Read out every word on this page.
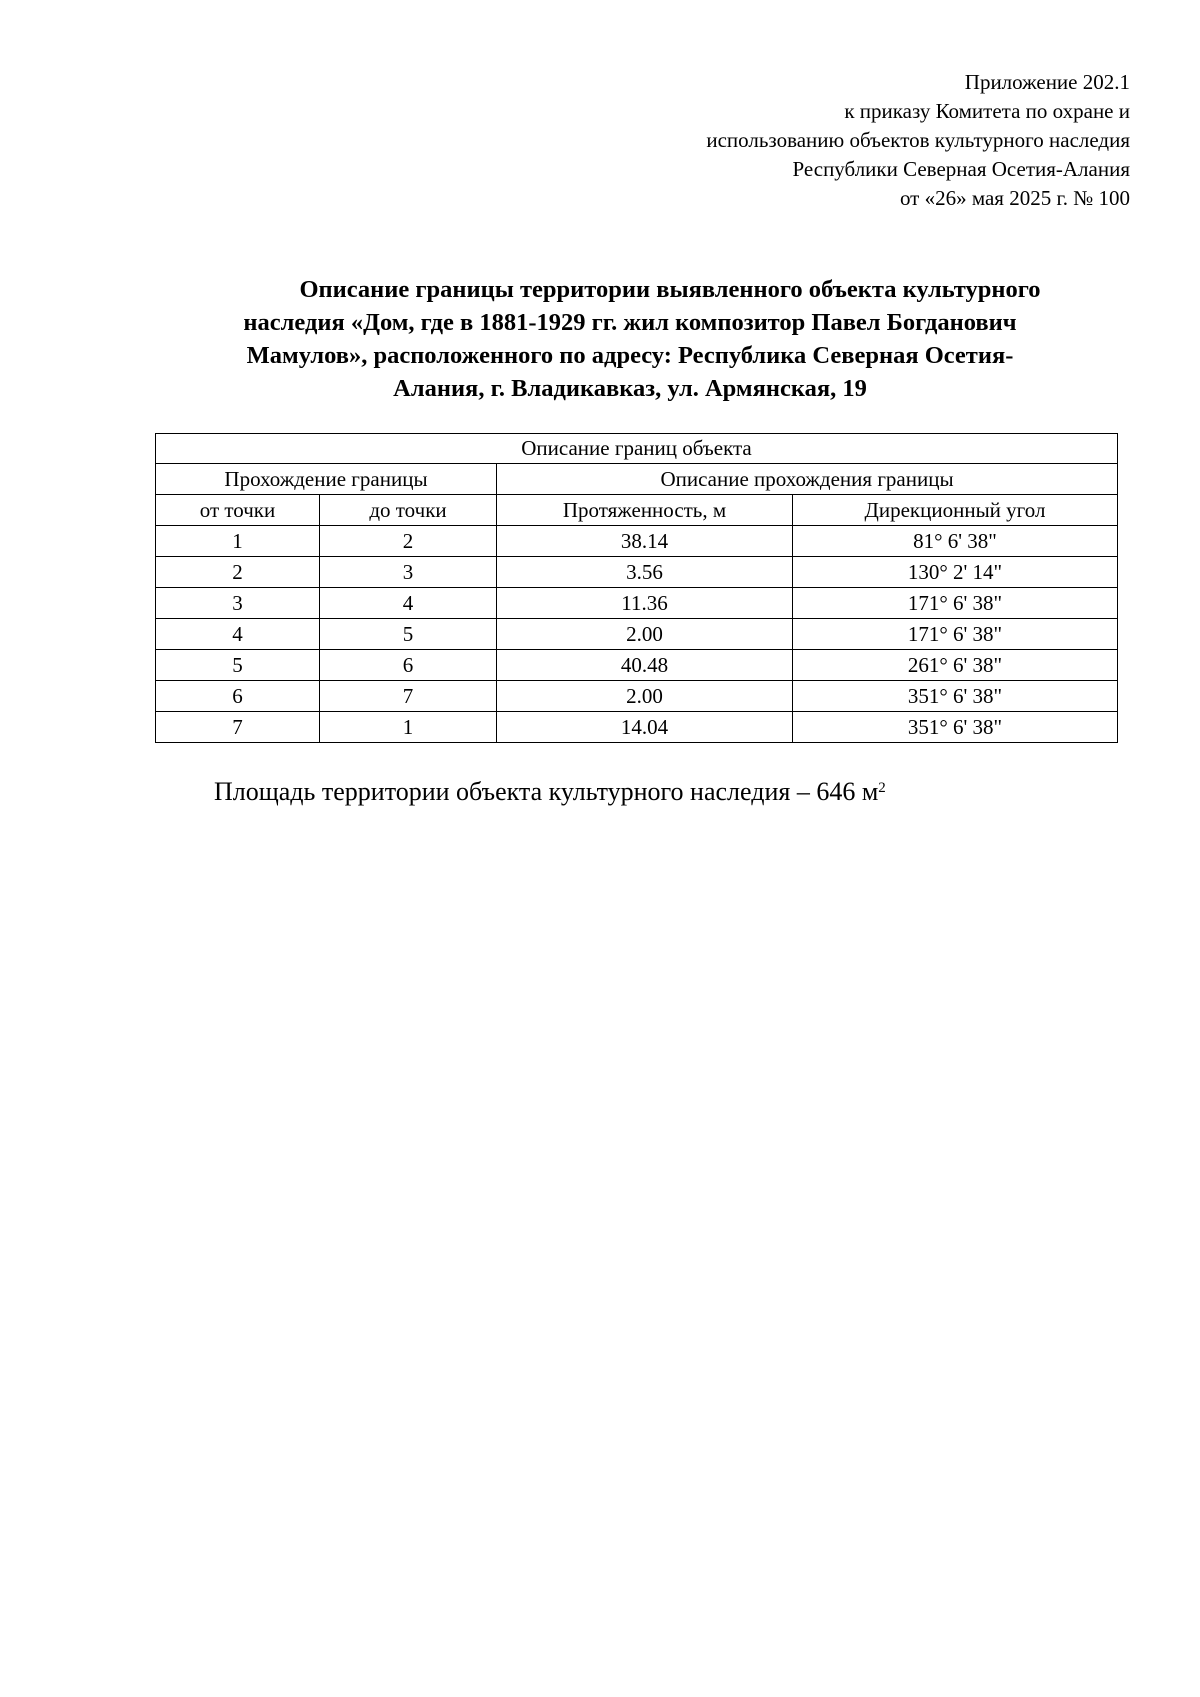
Приложение 202.1
к приказу Комитета по охране и
использованию объектов культурного наследия
Республики Северная Осетия-Алания
от «26» мая 2025 г. № 100
Описание границы территории выявленного объекта культурного
наследия «Дом, где в 1881-1929 гг. жил композитор Павел Богданович
Мамулов», расположенного по адресу: Республика Северная Осетия-
Алания, г. Владикавказ, ул. Армянская, 19
Описание границ объекта			
Прохождение границы		Описание прохождения границы	
от точки	до точки	Протяженность, м	Дирекционный угол
1	2	38.14	81° 6' 38"
2	3	3.56	130° 2' 14"
3	4	11.36	171° 6' 38"
4	5	2.00	171° 6' 38"
5	6	40.48	261° 6' 38"
6	7	2.00	351° 6' 38"
7	1	14.04	351° 6' 38"
Площадь территории объекта культурного наследия – 646 $м^2$
